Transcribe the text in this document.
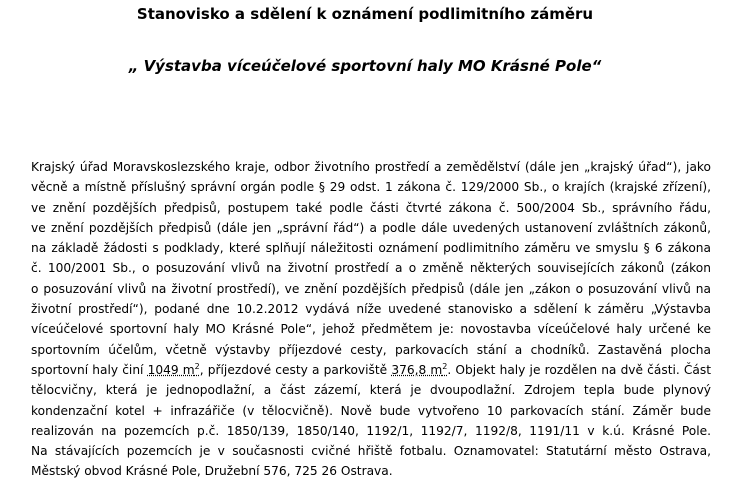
Stanovisko a sdělení k oznámení podlimitního záměru
„ Výstavba víceúčelové sportovní haly MO Krásné Pole“
Krajský úřad Moravskoslezského kraje, odbor životního prostředí a zemědělství (dále jen „krajský úřad“), jako
věcně a místně příslušný správní orgán podle § 29 odst. 1 zákona č. 129/2000 Sb., o krajích (krajské zřízení),
ve znění pozdějších předpisů, postupem také podle části čtvrté zákona č. 500/2004 Sb., správního řádu,
ve znění pozdějších předpisů (dále jen „správní řád“) a podle dále uvedených ustanovení zvláštních zákonů,
na základě žádosti s podklady, které splňují náležitosti oznámení podlimitního záměru ve smyslu § 6 zákona
č. 100/2001 Sb., o posuzování vlivů na životní prostředí a o změně některých souvisejících zákonů (zákon
o posuzování vlivů na životní prostředí), ve znění pozdějších předpisů (dále jen „zákon o posuzování vlivů na
životní prostředí“), podané dne 10.2.2012 vydává níže uvedené stanovisko a sdělení k záměru „Výstavba
víceúčelové sportovní haly MO Krásné Pole“, jehož předmětem je: novostavba víceúčelové haly určené ke
sportovním účelům, včetně výstavby příjezdové cesty, parkovacích stání a chodníků. Zastavěná plocha
sportovní haly činí 1049 $m^2$, příjezdové cesty a parkoviště 376,8 $m^2$. Objekt haly je rozdělen na dvě části. Část
tělocvičny, která je jednopodlažní, a část zázemí, která je dvoupodlažní. Zdrojem tepla bude plynový
kondenzační kotel + infrazářiče (v tělocvičně). Nově bude vytvořeno 10 parkovacích stání. Záměr bude
realizován na pozemcích p.č. 1850/139, 1850/140, 1192/1, 1192/7, 1192/8, 1191/11 v k.ú. Krásné Pole.
Na stávajících pozemcích je v současnosti cvičné hřiště fotbalu. Oznamovatel: Statutární město Ostrava,
Městský obvod Krásné Pole, Družební 576, 725 26 Ostrava.
